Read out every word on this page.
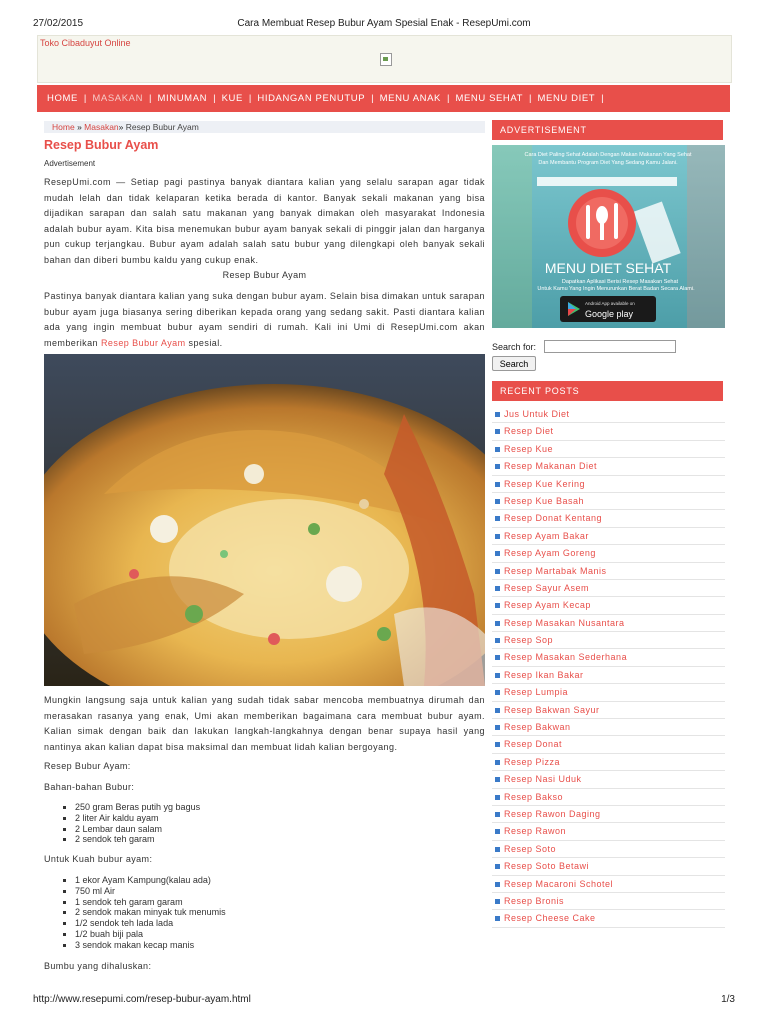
27/02/2015	Cara Membuat Resep Bubur Ayam Spesial Enak - ResepUmi.com
Toko Cibaduyut Online
HOME | MASAKAN | MINUMAN | KUE | HIDANGAN PENUTUP | MENU ANAK | MENU SEHAT | MENU DIET |
Home » Masakan» Resep Bubur Ayam
Resep Bubur Ayam
Advertisement

ResepUmi.com — Setiap pagi pastinya banyak diantara kalian yang selalu sarapan agar tidak mudah lelah dan tidak kelaparan ketika berada di kantor. Banyak sekali makanan yang bisa dijadikan sarapan dan salah satu makanan yang banyak dimakan oleh masyarakat Indonesia adalah bubur ayam. Kita bisa menemukan bubur ayam banyak sekali di pinggir jalan dan harganya pun cukup terjangkau. Bubur ayam adalah salah satu bubur yang dilengkapi oleh banyak sekali bahan dan diberi bumbu kaldu yang cukup enak.

Resep Bubur Ayam

Pastinya banyak diantara kalian yang suka dengan bubur ayam. Selain bisa dimakan untuk sarapan bubur ayam juga biasanya sering diberikan kepada orang yang sedang sakit. Pasti diantara kalian ada yang ingin membuat bubur ayam sendiri di rumah. Kali ini Umi di ResepUmi.com akan memberikan Resep Bubur Ayam spesial.

Mungkin langsung saja untuk kalian yang sudah tidak sabar mencoba membuatnya dirumah dan merasakan rasanya yang enak, Umi akan memberikan bagaimana cara membuat bubur ayam. Kalian simak dengan baik dan lakukan langkah-langkahnya dengan benar supaya hasil yang nantinya akan kalian dapat bisa maksimal dan membuat lidah kalian bergoyang.

Resep Bubur Ayam:
Bahan-bahan Bubur:
▪ 250 gram Beras putih yg bagus
▪ 2 liter Air kaldu ayam
▪ 2 Lembar daun salam
▪ 2 sendok teh garam
Untuk Kuah bubur ayam:
▪ 1 ekor Ayam Kampung(kalau ada)
▪ 750 ml Air
▪ 1 sendok teh garam garam
▪ 2 sendok makan minyak tuk menumis
▪ 1/2 sendok teh lada lada
▪ 1/2 buah biji pala
▪ 3 sendok makan kecap manis
Bumbu yang dihaluskan:
ADVERTISEMENT
Cara Diet Paling Sehat Adalah Dengan Makan Makanan Yang Sehat
Dan Membantu Program Diet Yang Sedang Kamu Jalani.
MENU DIET SEHAT
Dapatkan Aplikasi Berisi Resep Masakan Sehat
Untuk Kamu Yang Ingin Menurunkan Berat Badan Secara Alami.
Android App available on
Google play
Search for:
Search
RECENT POSTS
Jus Untuk Diet
Resep Diet
Resep Kue
Resep Makanan Diet
Resep Kue Kering
Resep Kue Basah
Resep Donat Kentang
Resep Ayam Bakar
Resep Ayam Goreng
Resep Martabak Manis
Resep Sayur Asem
Resep Ayam Kecap
Resep Masakan Nusantara
Resep Sop
Resep Masakan Sederhana
Resep Ikan Bakar
Resep Lumpia
Resep Bakwan Sayur
Resep Bakwan
Resep Donat
Resep Pizza
Resep Nasi Uduk
Resep Bakso
Resep Rawon Daging
Resep Rawon
Resep Soto
Resep Soto Betawi
Resep Macaroni Schotel
Resep Bronis
Resep Cheese Cake
http://www.resepumi.com/resep-bubur-ayam.html	1/3
